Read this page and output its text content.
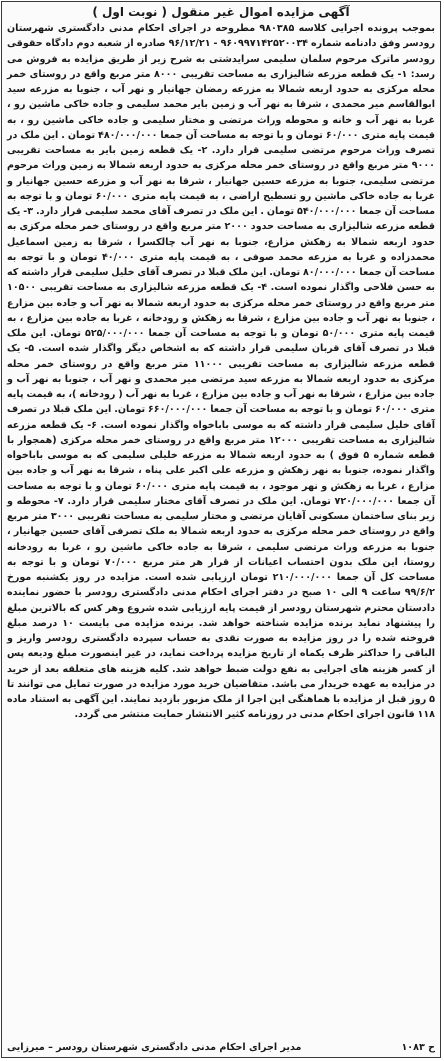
آگهی مزایده اموال غیر منقول ( نوبت اول )

بموجب پرونده اجرایی کلاسه ۹۸۰۳۸۵ مطروحه در اجرای احکام مدنی دادگستری شهرستان رودسر وفق دادنامه شماره ۹۶۰۹۹۷۱۴۲۵۲۰۰۳۴ - ۹۶/۱۲/۲۱ صادره از شعبه دوم دادگاه حقوقی رودسر ماترک مرحوم سلمان سلیمی سرایدشتی به شرح زیر از طریق مزایده به فروش می رسد: ۱- یک قطعه مزرعه شالیزاری به مساحت تقریبی ۸۰۰۰ متر مربع واقع در روستای خمر محله مرکزی به حدود اربعه شمالا به مزرعه رمضان جهانیار و نهر آب ، جنوبا به مزرعه سید ابوالقاسم میر محمدی ، شرقا به نهر آب و زمین بایر محمد سلیمی و جاده خاکی ماشین رو ، غربا به نهر آب و خانه و محوطه وراث مرتضی و مختار سلیمی و جاده خاکی ماشین رو ، به قیمت پایه متری ۶۰/۰۰۰ تومان و با توجه به مساحت آن جمعا ۴۸۰/۰۰۰/۰۰۰ تومان . این ملک در تصرف وراث مرحوم مرتضی سلیمی قرار دارد. ۲- یک قطعه زمین بایر به مساحت تقریبی ۹۰۰۰ متر مربع واقع در روستای خمر محله مرکزی به حدود اربعه شمالا به زمین وراث مرحوم مرتضی سلیمی، جنوبا به مزرعه حسین جهانیار ، شرقا به نهر آب و مزرعه حسین جهانیار و غربا به جاده خاکی ماشین رو تسطیح اراضی ، به قیمت پایه متری ۶۰/۰۰۰ تومان و با توجه به مساحت آن جمعا ۵۴۰/۰۰۰/۰۰۰ تومان . این ملک در تصرف آقای محمد سلیمی قرار دارد. ۳- یک قطعه مزرعه شالیزاری به مساحت حدود ۲۰۰۰ متر مربع واقع در روستای خمر محله مرکزی به حدود اربعه شمالا به زهکش مزارع، جنوبا به نهر آب چالکسرا ، شرقا به زمین اسماعیل محمدزاده و غربا به مزرعه محمد صوفی ، به قیمت پایه متری ۴۰/۰۰۰ تومان و با توجه به مساحت آن جمعا ۸۰/۰۰۰/۰۰۰ تومان. این ملک قبلا در تصرف آقای خلیل سلیمی قرار داشته که به حسن فلاحی واگذار نموده است. ۴- یک قطعه مزرعه شالیزاری به مساحت تقریبی ۱۰۵۰۰ متر مربع واقع در روستای خمر محله مرکزی به حدود اربعه شمالا به نهر آب و جاده بین مزارع ، جنوبا به نهر آب و جاده بین مزارع ، شرقا به زهکش و رودخانه ، غربا به جاده بین مزارع ، به قیمت پایه متری ۵۰/۰۰۰ تومان و با توجه به مساحت آن جمعا ۵۲۵/۰۰۰/۰۰۰ تومان. این ملک قبلا در تصرف آقای قربان سلیمی قرار داشته که به اشخاص دیگر واگذار شده است. ۵- یک قطعه مزرعه شالیزاری به مساحت تقریبی ۱۱۰۰۰ متر مربع واقع در روستای خمر محله مرکزی به حدود اربعه شمالا به مزرعه سید مرتضی میر محمدی و نهر آب ، جنوبا به نهر آب و جاده بین مزارع ، شرقا به نهر آب و جاده بین مزارع ، غربا به نهر آب ( رودخانه )، به قیمت پایه متری ۶۰/۰۰۰ تومان و با توجه به مساحت آن جمعا ۶۶۰/۰۰۰/۰۰۰ تومان. این ملک قبلا در تصرف آقای خلیل سلیمی قرار داشته که به موسی باباخواه واگذار نموده است. ۶- یک قطعه مزرعه شالیزاری به مساحت تقریبی ۱۲۰۰۰ متر مربع واقع در روستای خمر محله مرکزی (همجوار با قطعه شماره ۵ فوق ) به حدود اربعه شمالا به مزرعه خلیلی سلیمی که به موسی باباخواه واگذار نموده، جنوبا به نهر زهکش و مزرعه علی اکبر علی پناه ، شرقا به نهر آب و جاده بین مزارع ، غربا به زهکش و نهر موجود ، به قیمت پایه متری ۶۰/۰۰۰ تومان و با توجه به مساحت آن جمعا ۷۲۰/۰۰۰/۰۰۰ تومان. این ملک در تصرف آقای مختار سلیمی قرار دارد. ۷- محوطه و زیر بنای ساختمان مسکونی آقایان مرتضی و مختار سلیمی به مساحت تقریبی ۳۰۰۰ متر مربع واقع در روستای خمر محله مرکزی به حدود اربعه شمالا به ملک تصرفی آقای حسین جهانیار ، جنوبا به مزرعه وراث مرتضی سلیمی ، شرقا به جاده خاکی ماشین رو ، غربا به رودخانه روستا، این ملک بدون احتساب اعیانات از قرار هر متر مربع ۷۰/۰۰۰ تومان و با توجه به مساحت کل آن جمعا ۲۱۰/۰۰۰/۰۰۰ تومان ارزیابی شده است. مزایده در روز یکشنبه مورخ ۹۹/۶/۲ ساعت ۹ الی ۱۰ صبح در دفتر اجرای احکام مدنی دادگستری رودسر با حضور نماینده دادستان محترم شهرستان رودسر از قیمت پایه ارزیابی شده شروع وهر کس که بالاترین مبلغ را پیشنهاد نماید برنده مزایده شناخته خواهد شد. برنده مزایده می بایست ۱۰ درصد مبلغ فروخته شده را در روز مزایده به صورت نقدی به حساب سپرده دادگستری رودسر واریز و الباقی را حداکثر ظرف یکماه از تاریخ مزایده پرداخت نماید، در غیر اینصورت مبلغ ودیعه پس از کسر هزینه های اجرایی به نفع دولت ضبط خواهد شد. کلیه هزینه های متعلقه بعد از خرید در مزایده به عهده خریدار می باشد. متقاضیان خرید مورد مزایده در صورت تمایل می توانند تا ۵ روز قبل از مزایده با هماهنگی این اجرا از ملک مزبور بازدید نمایند. این آگهی به استناد ماده ۱۱۸ قانون اجرای احکام مدنی در روزنامه کثیر الانتشار حمایت منتشر می گردد.

ح ۱۰۸۳
مدیر اجرای احکام مدنی دادگستری شهرستان رودسر – میرزایی
